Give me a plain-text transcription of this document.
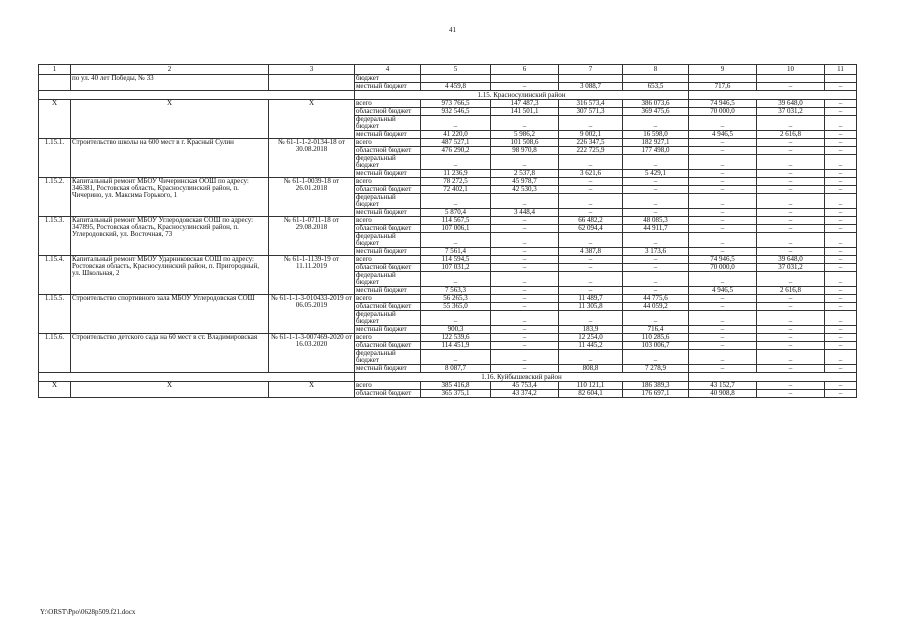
41
1	2	3	4	5	6	7	8	9	10	11
	по ул. 40 лет Победы, № 33		бюджет							
			местный бюджет	4 459,8	–	3 088,7	653,5	717,6	–	–
			1.15. Красносулинский район							
Х	Х	Х	всего	973 766,5	147 487,3	316 573,4	386 073,6	74 946,5	39 648,0	–
			областной бюджет	932 546,5	141 501,1	307 571,3	369 475,6	70 000,0	37 031,2	–
			федеральный бюджет	–	–	–	–	–	–	–
			местный бюджет	41 220,0	5 986,2	9 002,1	16 598,0	4 946,5	2 616,8	–
1.15.1.	Строительство школы на 600 мест в г. Красный Сулин	№ 61-1-1-2-0134-18 от 30.08.2018	всего	487 527,1	101 508,6	226 347,5	182 927,1	–	–	–
			областной бюджет	476 290,2	98 970,8	222 725,9	177 498,0	–	–	–
			федеральный бюджет	–	–	–	–	–	–	–
			местный бюджет	11 236,9	2 537,8	3 621,6	5 429,1	–	–	–
1.15.2.	Капитальный ремонт МБОУ Чичеринская ООШ по адресу: 346381, Ростовская область, Красносулинский район, п. Чичерино, ул. Максима Горького, 1	№ 61-1-0039-18 от 26.01.2018	всего	78 272,5	45 978,7	–	–	–	–	–
			областной бюджет	72 402,1	42 530,3	–	–	–	–	–
			федеральный бюджет	–	–	–	–	–	–	–
			местный бюджет	5 870,4	3 448,4	–	–	–	–	–
1.15.3.	Капитальный ремонт МБОУ Углеродовская СОШ по адресу: 347895, Ростовская область, Красносулинский район, п. Углеродовский, ул. Восточная, 73	№ 61-1-0711-18 от 29.08.2018	всего	114 567,5	–	66 482,2	48 085,3	–	–	–
			областной бюджет	107 006,1	–	62 094,4	44 911,7	–	–	–
			федеральный бюджет	–	–	–	–	–	–	–
			местный бюджет	7 561,4	–	4 387,8	3 173,6	–	–	–
1.15.4.	Капитальный ремонт МБОУ Ударниковская СОШ по адресу: Ростовская область, Красносулинский район, п. Пригородный, ул. Школьная, 2	№ 61-1-1139-19 от 11.11.2019	всего	114 594,5	–	–	–	74 946,5	39 648,0	–
			областной бюджет	107 031,2	–	–	–	70 000,0	37 031,2	–
			федеральный бюджет	–	–	–	–	–	–	–
			местный бюджет	7 563,3	–	–	–	4 946,5	2 616,8	–
1.15.5.	Строительство спортивного зала МБОУ Углеродовская СОШ	№ 61-1-1-3-010433-2019 от 06.05.2019	всего	56 265,3	–	11 489,7	44 775,6	–	–	–
			областной бюджет	55 365,0	–	11 305,8	44 059,2	–	–	–
			федеральный бюджет	–	–	–	–	–	–	–
			местный бюджет	900,3	–	183,9	716,4	–	–	–
1.15.6.	Строительство детского сада на 60 мест в ст. Владимировская	№ 61-1-1-3-007469-2020 от 16.03.2020	всего	122 539,6	–	12 254,0	110 285,6	–	–	–
			областной бюджет	114 451,9	–	11 445,2	103 006,7	–	–	–
			федеральный бюджет	–	–	–	–	–	–	–
			местный бюджет	8 087,7	–	808,8	7 278,9	–	–	–
			1.16. Куйбышевский район							
Х	Х	Х	всего	385 416,8	45 753,4	110 121,1	186 389,3	43 152,7	–	–
			областной бюджет	365 375,1	43 374,2	82 604,1	176 697,1	40 908,8	–	–
Y:\ORST\Ppo\0628p509.f21.docx
